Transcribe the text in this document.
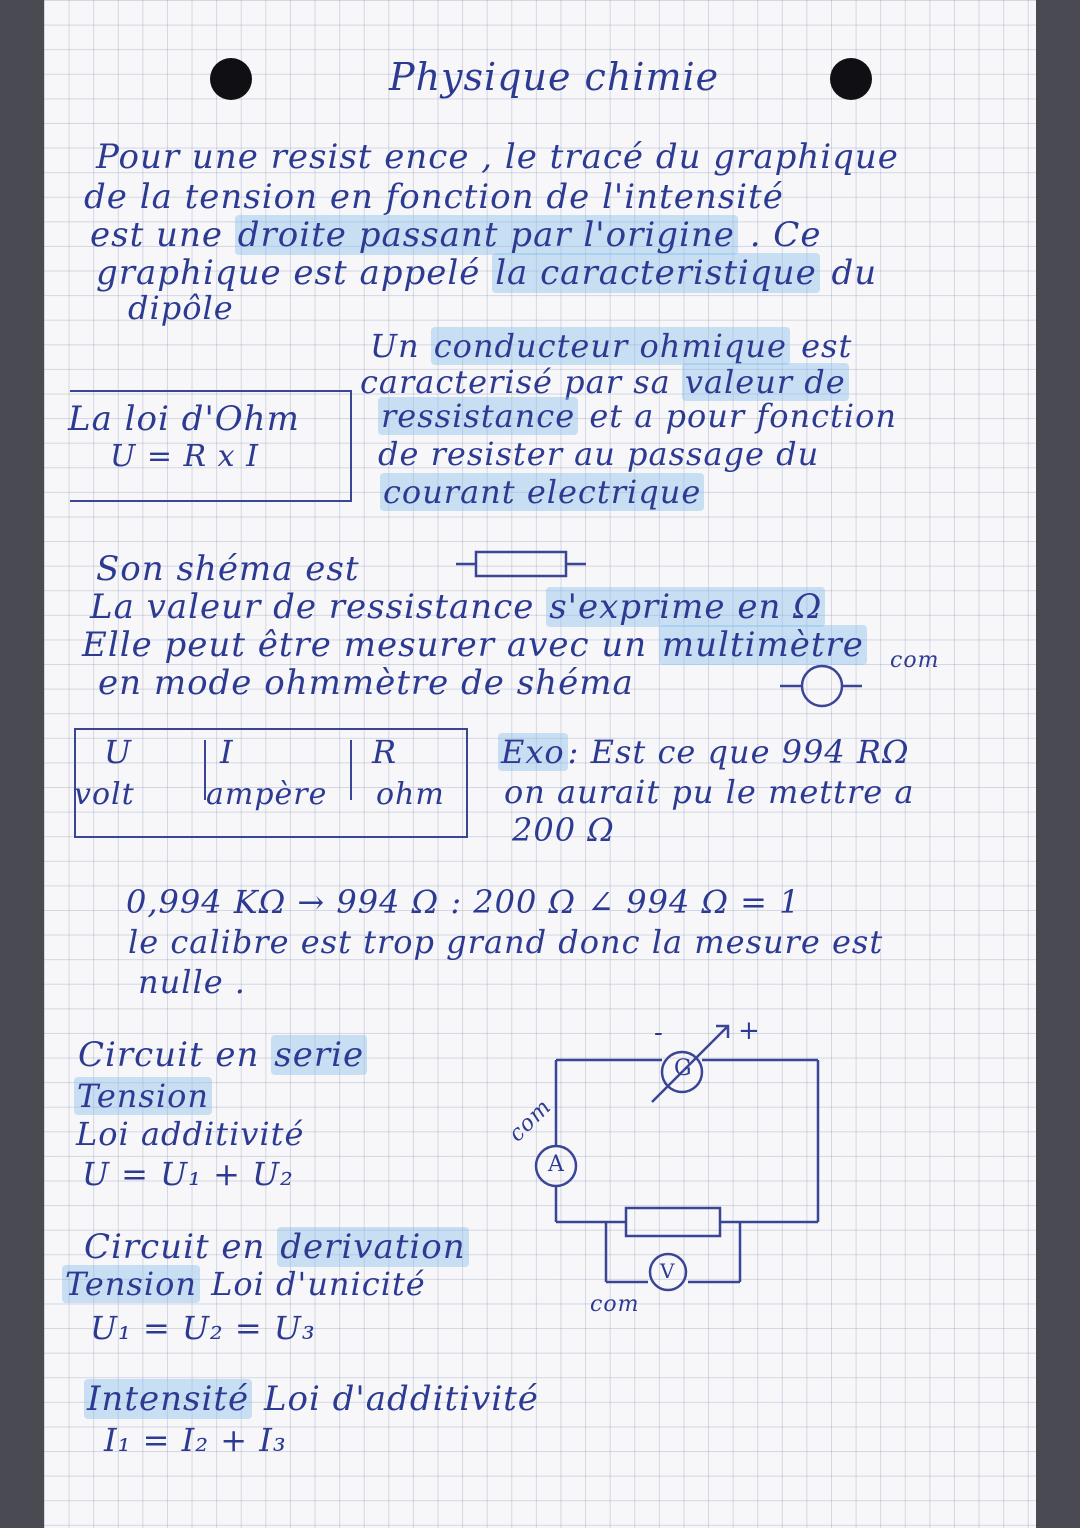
Physique chimie
Pour une resist ence , le tracé du graphique
de la tension en fonction de l'intensité
est une droite passant par l'origine . Ce
graphique est appelé la caracteristique du
dipôle
La loi d'Ohm
U = R x I
Un conducteur ohmique est
caracterisé par sa valeur de
ressistance et a pour fonction
de resister au passage du
courant electrique
Son shéma est
La valeur de ressistance s'exprime en Ω
Elle peut être mesurer avec un multimètre
en mode ohmmètre de shéma
com
U	I	R
volt ampère ohm
Exo: Est ce que 994 RΩ
on aurait pu le mettre a
200 Ω
0,994 KΩ → 994 Ω : 200 Ω ∠ 994 Ω = 1
le calibre est trop grand donc la mesure est
nulle .
Circuit en serie
Tension
Loi additivité
U = U₁ + U₂
Circuit en derivation
Tension Loi d'unicité
U₁ = U₂ = U₃
Intensité Loi d'additivité
I₁ = I₂ + I₃
G
A
V
-	+
com
com
